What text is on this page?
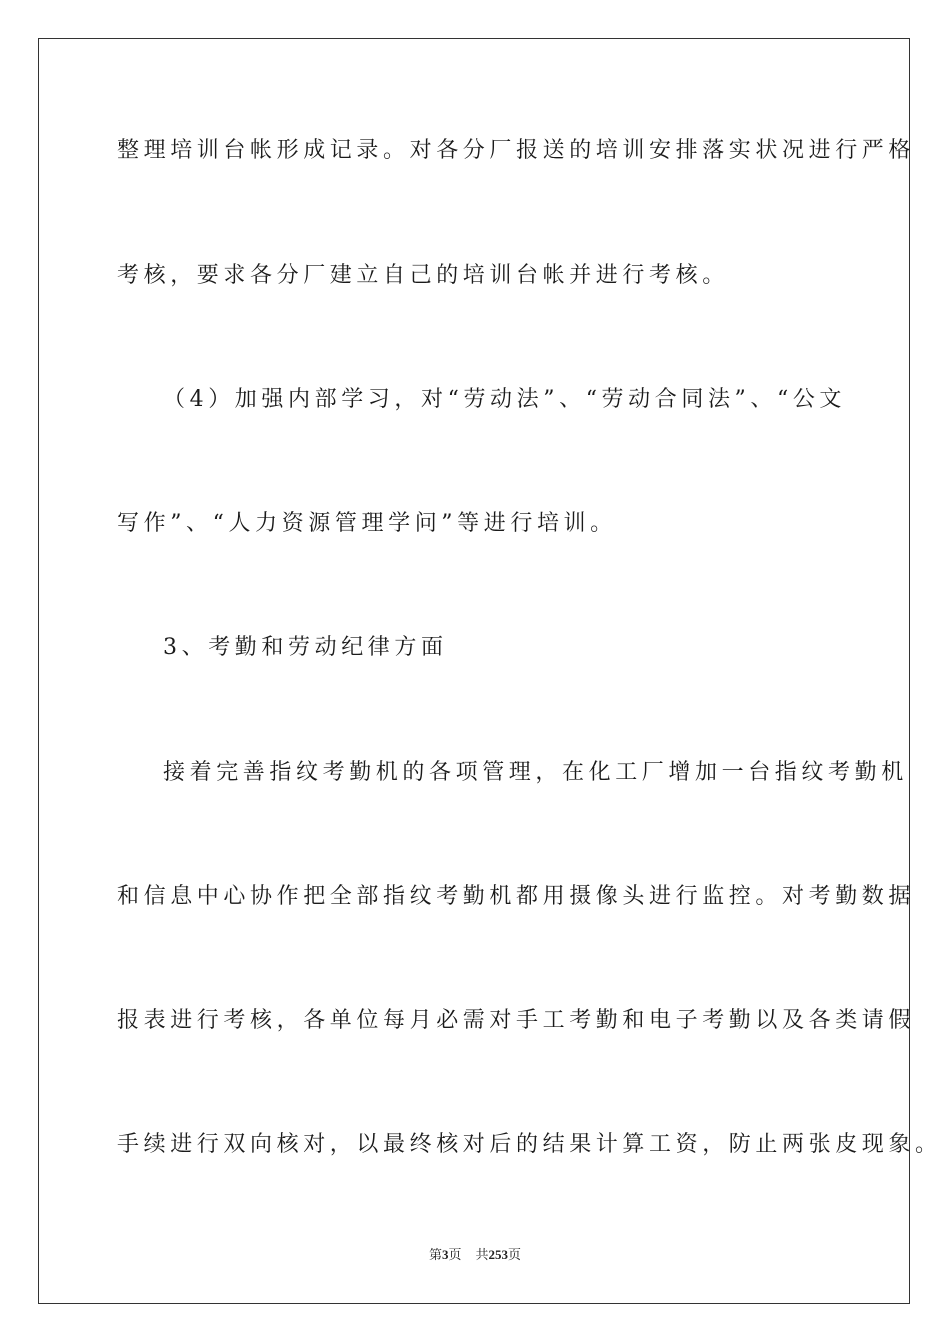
整理培训台帐形成记录。对各分厂报送的培训安排落实状况进行严格
考核，要求各分厂建立自己的培训台帐并进行考核。
（4）加强内部学习，对“劳动法”、“劳动合同法”、“公文
写作”、“人力资源管理学问”等进行培训。
3、考勤和劳动纪律方面
接着完善指纹考勤机的各项管理，在化工厂增加一台指纹考勤机
和信息中心协作把全部指纹考勤机都用摄像头进行监控。对考勤数据
报表进行考核，各单位每月必需对手工考勤和电子考勤以及各类请假
手续进行双向核对，以最终核对后的结果计算工资，防止两张皮现象。
第3页 共253页
